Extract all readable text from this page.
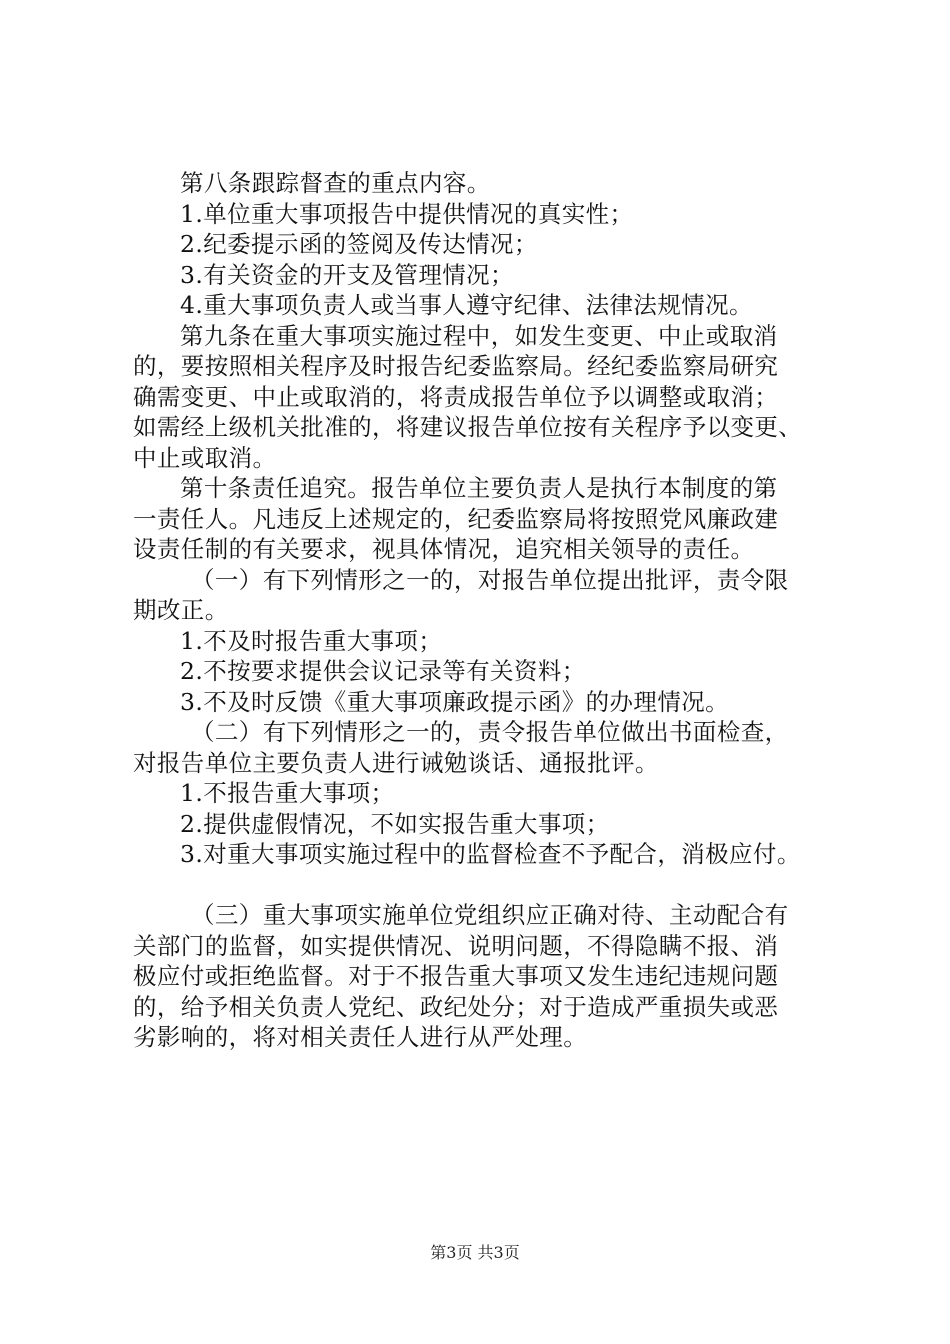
第八条跟踪督查的重点内容。
1.单位重大事项报告中提供情况的真实性；
2.纪委提示函的签阅及传达情况；
3.有关资金的开支及管理情况；
4.重大事项负责人或当事人遵守纪律、法律法规情况。
第九条在重大事项实施过程中，如发生变更、中止或取消
的，要按照相关程序及时报告纪委监察局。经纪委监察局研究
确需变更、中止或取消的，将责成报告单位予以调整或取消；
如需经上级机关批准的，将建议报告单位按有关程序予以变更、
中止或取消。
第十条责任追究。报告单位主要负责人是执行本制度的第
一责任人。凡违反上述规定的，纪委监察局将按照党风廉政建
设责任制的有关要求，视具体情况，追究相关领导的责任。
（一）有下列情形之一的，对报告单位提出批评，责令限
期改正。
1.不及时报告重大事项；
2.不按要求提供会议记录等有关资料；
3.不及时反馈《重大事项廉政提示函》的办理情况。
（二）有下列情形之一的，责令报告单位做出书面检查，
对报告单位主要负责人进行诫勉谈话、通报批评。
1.不报告重大事项；
2.提供虚假情况，不如实报告重大事项；
3.对重大事项实施过程中的监督检查不予配合，消极应付。
（三）重大事项实施单位党组织应正确对待、主动配合有
关部门的监督，如实提供情况、说明问题，不得隐瞒不报、消
极应付或拒绝监督。对于不报告重大事项又发生违纪违规问题
的，给予相关负责人党纪、政纪处分；对于造成严重损失或恶
劣影响的，将对相关责任人进行从严处理。
第3页 共3页
